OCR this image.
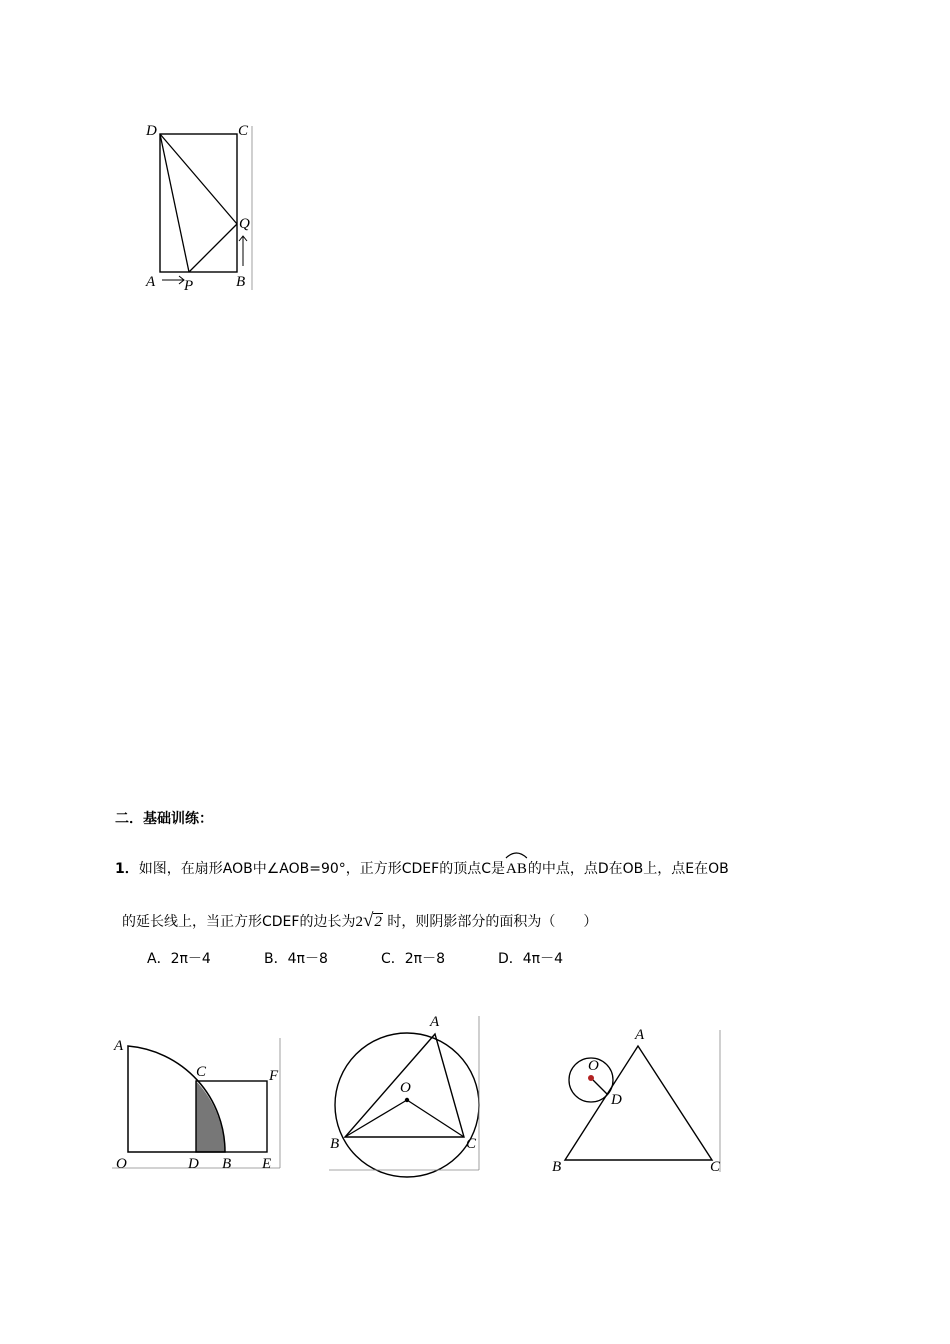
D	C
Q
A P	B
二．基础训练：
1．如图，在扇形AOB中∠AOB=90°，正方形CDEF的顶点C是
AB的中点，点D在OB上，点E在OB
的延长线上，当正方形CDEF的边长为2√2 时，则阴影部分的面积为（　　）
A．2π－4	B．4π－8	C．2π－8	D．4π－4
A
C	F
O	D B E
A
O
B	C
A
O
D
B	C
